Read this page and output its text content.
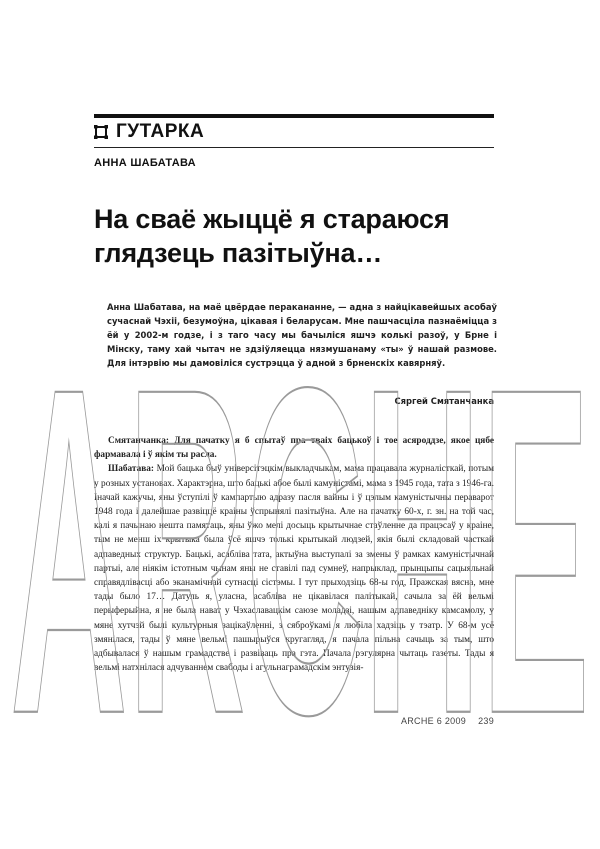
ГУТАРКА
АННА ШАБАТАВА
На сваё жыццё я стараюся
глядзець пазітыўна…
Анна Шабатава, на маё цвёрдае перакананне, — адна з найцікавейшых асобаў сучаснай Чэхіі, безумоўна, цікавая і беларусам. Мне пашчасціла пазнаёміцца з ёй у 2002-м годзе, і з таго часу мы бачыліся яшчэ колькі разоў, у Брне і Мінску, таму хай чытач не здзіўляецца нязмушанаму «ты» ў нашай размове. Для інтэрвію мы дамовіліся сустрэцца ў адной з брненскіх кавярняў.
Сяргей Смятанчанка

Смятанчанка: Для пачатку я б спытаў пра тваіх бацькоў і тое асяроддзе, якое цябе фармавала і ў якім ты расла.

Шабатава: Мой бацька быў універсітэцкім выкладчыкам, мама працавала журналісткай, потым у розных установах. Характэрна, што бацькі абое былі камуністамі, мама з 1945 года, тата з 1946-га. Іначай кажучы, яны ўступілі ў кампартыю адразу пасля вайны і ў цэлым камуністычны пераварот 1948 года і далейшае развіццё краіны ўспрынялі пазітыўна. Але на пачатку 60-х, г. зн. на той час, калі я пачынаю нешта памятаць, яны ўжо мелі досыць крытычнае стаўленне да працэсаў у краіне, тым не менш іх крытыка была ўсё яшчэ толькі крытыкай людзей, якія былі складовай часткай адпаведных структур. Бацькі, асабліва тата, актыўна выступалі за змены ў рамках камуністычнай партыі, але ніякім істотным чынам яны не ставілі пад сумнеў, напрыклад, прынцыпы сацыяльнай справядлівасці або эканамічнай сутнасці сістэмы. І тут прыходзіць 68-ы год, Пражская вясна, мне тады было 17… Датуль я, уласна, асабліва не цікавілася палітыкай, сачыла за ёй вельмі перыферыйна, я не была нават у Чэхаславацкім саюзе моладзі, нашым адпаведніку камсамолу, у мяне хутчэй былі культурныя зацікаўленні, з сяброўкамі я любіла хадзіць у тэатр. У 68-м усё змянілася, тады ў мяне вельмі пашырыўся кругагляд, я пачала пільна сачыць за тым, што адбывалася ў нашым грамадстве і развіваць пра гэта. Пачала рэгулярна чытаць газеты. Тады я вельмі натхнілася адчуваннем свабоды і агульнаграмадскім энтузія-

ARCHE 6 2009 239
ARCHE
